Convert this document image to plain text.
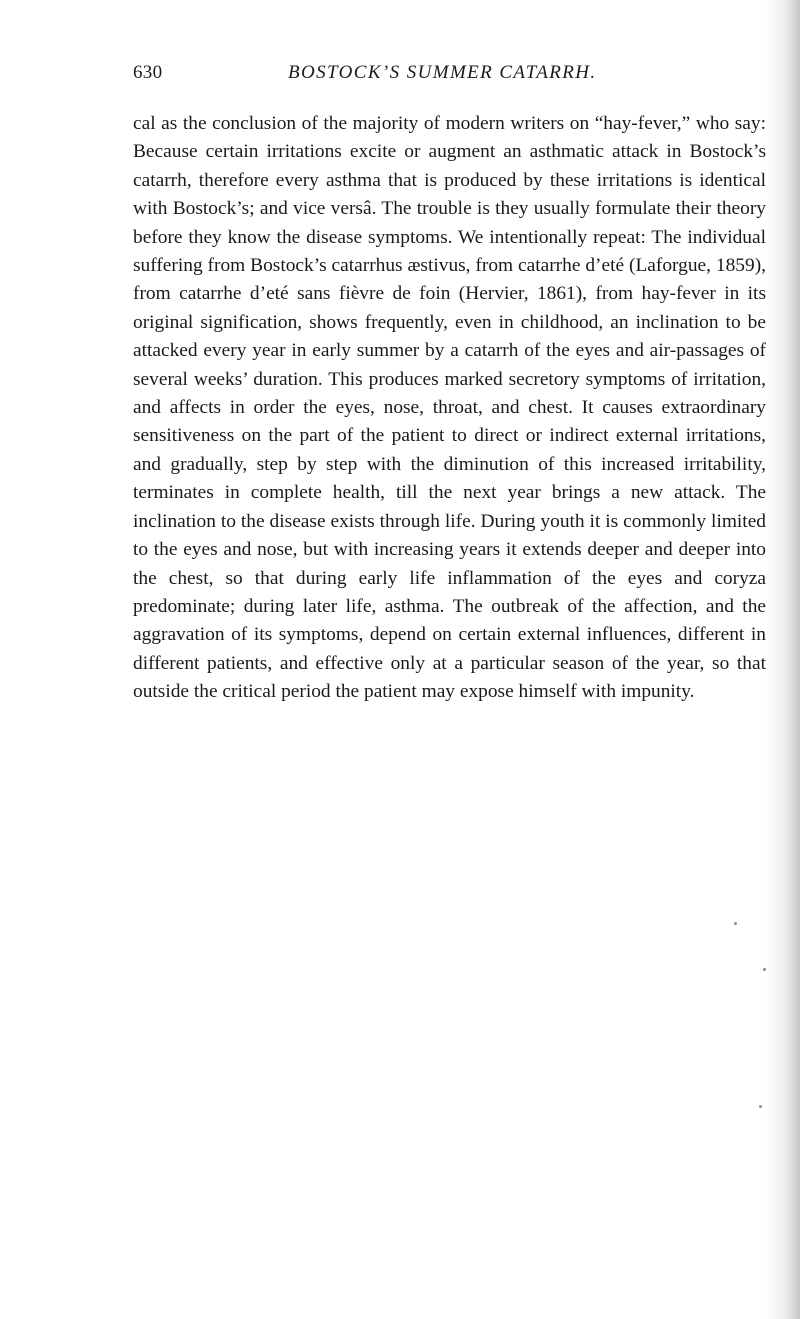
630	BOSTOCK’S SUMMER CATARRH.

cal as the conclusion of the majority of modern writers on “hay-fever,” who say: Because certain irritations excite or augment an asthmatic attack in Bostock’s catarrh, therefore every asthma that is produced by these irritations is identical with Bostock’s; and vice versâ. The trouble is they usually formulate their theory before they know the disease symptoms. We intentionally repeat: The individual suffering from Bostock’s catarrhus æstivus, from catarrhe d’eté (Laforgue, 1859), from catarrhe d’eté sans fièvre de foin (Hervier, 1861), from hay-fever in its original signification, shows frequently, even in childhood, an inclination to be attacked every year in early summer by a catarrh of the eyes and air-passages of several weeks’ duration. This produces marked secretory symptoms of irritation, and affects in order the eyes, nose, throat, and chest. It causes extraordinary sensitiveness on the part of the patient to direct or indirect external irritations, and gradually, step by step with the diminution of this increased irritability, terminates in complete health, till the next year brings a new attack. The inclination to the disease exists through life. During youth it is commonly limited to the eyes and nose, but with increasing years it extends deeper and deeper into the chest, so that during early life inflammation of the eyes and coryza predominate; during later life, asthma. The outbreak of the affection, and the aggravation of its symptoms, depend on certain external influences, different in different patients, and effective only at a particular season of the year, so that outside the critical period the patient may expose himself with impunity.
